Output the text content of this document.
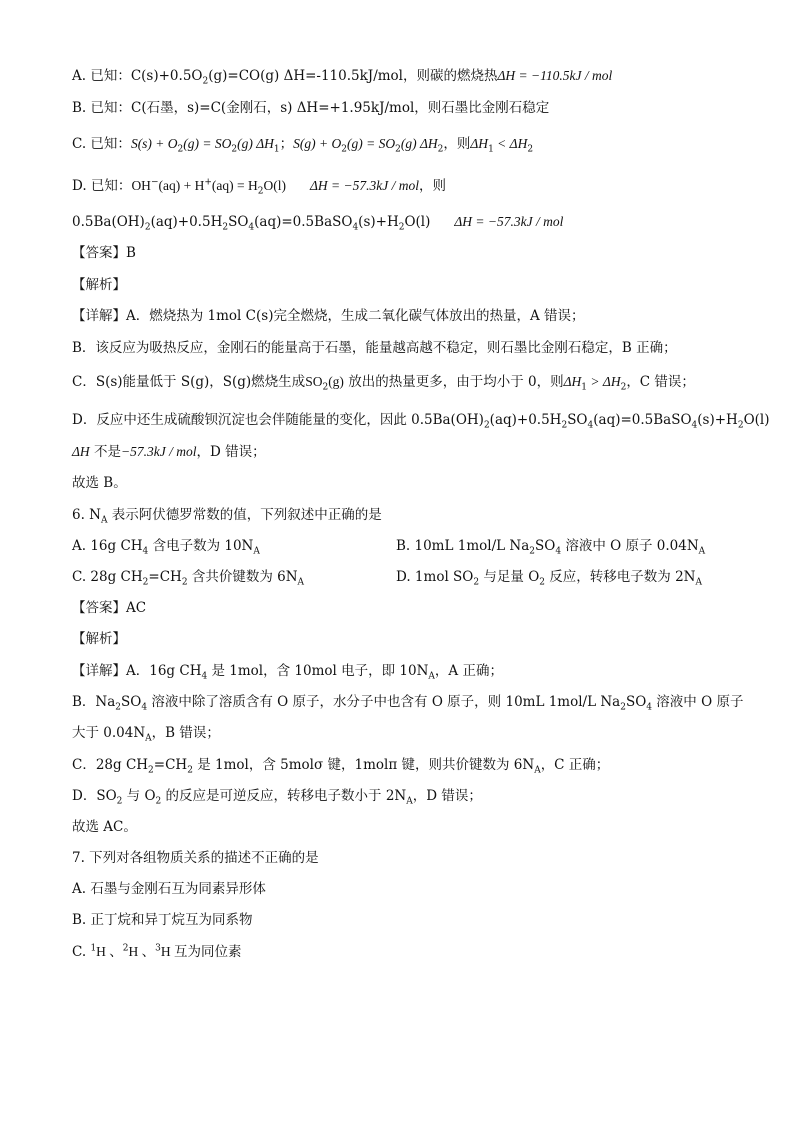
A. 已知：$C(s)+0.5O_2(g)=CO(g)$ ΔH=-110.5kJ/mol，则碳的燃烧热ΔH = −110.5kJ / mol
B. 已知：C(石墨，s)=C(金刚石，s) ΔH=+1.95kJ/mol，则石墨比金刚石稳定
C. 已知：$S(s) + O_2(g) = SO_2(g)$ $\Delta H_1$；$S(g) + O_2(g) = SO_2(g)$ $\Delta H_2$，则$\Delta H_1 < \Delta H_2$
D. 已知：$OH^-(aq) + H^+(aq) = H_2O(l) \Delta H = -57.3kJ$ / mol，则
$0.5Ba(OH)_2(aq)+0.5H_2SO_4(aq)=0.5BaSO_4(s)+H_2O(l) \Delta H = -57.3kJ$ / mol
【答案】B
【解析】
【详解】A．燃烧热为 1mol C(s)完全燃烧，生成二氧化碳气体放出的热量，A 错误；
B．该反应为吸热反应，金刚石的能量高于石墨，能量越高越不稳定，则石墨比金刚石稳定，B 正确；
C．S(s)能量低于 S(g)，S(g)燃烧生成$SO_2(g)$ 放出的热量更多，由于均小于 0，则$\Delta H_1 > \Delta H_2$，C 错误；
D．反应中还生成硫酸钡沉淀也会伴随能量的变化，因此 $0.5Ba(OH)_2(aq)+0.5H_2SO_4(aq)=0.5BaSO_4(s)+H_2O(l)$
ΔH 不是−57.3kJ / mol，D 错误；
故选 B。
6. $N_A$ 表示阿伏德罗常数的值，下列叙述中正确的是
A. 16g $CH_4$ 含电子数为 $10N_A$	B. 10mL 1mol/L $Na_2SO_4$ 溶液中 O 原子 $0.04N_A$
C. 28g $CH_2=CH_2$ 含共价键数为 $6N_A$	D. 1mol $SO_2$ 与足量 $O_2$ 反应，转移电子数为 $2N_A$
【答案】AC
【解析】
【详解】A．16g $CH_4$ 是 1mol，含 10mol 电子，即 $10N_A$，A 正确；
B．$Na_2SO_4$ 溶液中除了溶质含有 O 原子，水分子中也含有 O 原子，则 10mL 1mol/L $Na_2SO_4$ 溶液中 O 原子
大于 $0.04N_A$，B 错误；
C．28g $CH_2=CH_2$ 是 1mol，含 5molσ 键，1molπ 键，则共价键数为 $6N_A$，C 正确；
D．$SO_2$ 与 $O_2$ 的反应是可逆反应，转移电子数小于 $2N_A$，D 错误；
故选 AC。
7. 下列对各组物质关系的描述不正确的是
A. 石墨与金刚石互为同素异形体
B. 正丁烷和异丁烷互为同系物
C. $^1$H 、$^2$H 、$^3$H 互为同位素
